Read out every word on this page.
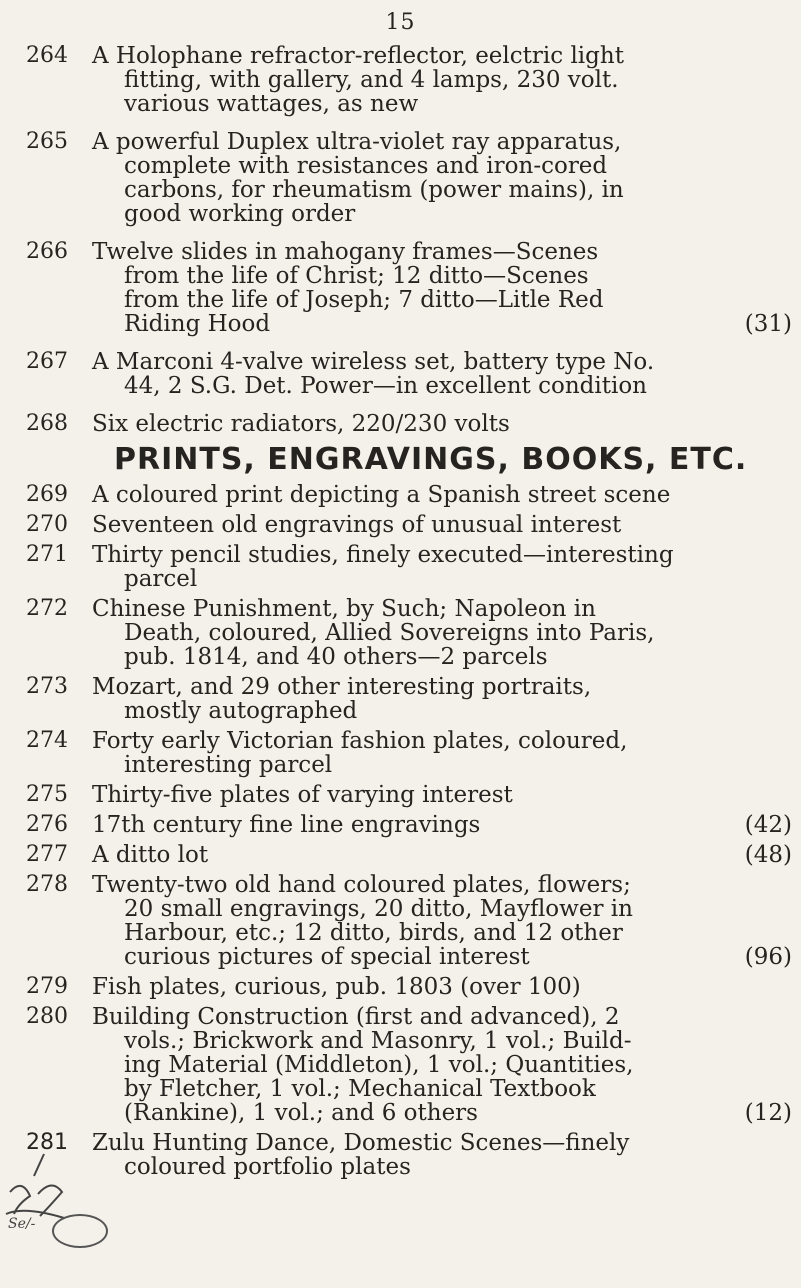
15
264	A Holophane refractor-reflector, eelctric light
fitting, with gallery, and 4 lamps, 230 volt.
various wattages, as new
265	A powerful Duplex ultra-violet ray apparatus,
complete with resistances and iron-cored
carbons, for rheumatism (power mains), in
good working order
266	Twelve slides in mahogany frames—Scenes
from the life of Christ; 12 ditto—Scenes
from the life of Joseph; 7 ditto—Litle Red
Riding Hood	(31)
267	A Marconi 4-valve wireless set, battery type No.
44, 2 S.G. Det. Power—in excellent condition
268	Six electric radiators, 220/230 volts
PRINTS, ENGRAVINGS, BOOKS, ETC.
269	A coloured print depicting a Spanish street scene
270	Seventeen old engravings of unusual interest
271	Thirty pencil studies, finely executed—interesting
parcel
272	Chinese Punishment, by Such; Napoleon in
Death, coloured, Allied Sovereigns into Paris,
pub. 1814, and 40 others—2 parcels
273	Mozart, and 29 other interesting portraits,
mostly autographed
274	Forty early Victorian fashion plates, coloured,
interesting parcel
275	Thirty-five plates of varying interest
276	17th century fine line engravings	(42)
277	A ditto lot	(48)
278	Twenty-two old hand coloured plates, flowers;
20 small engravings, 20 ditto, Mayflower in
Harbour, etc.; 12 ditto, birds, and 12 other
curious pictures of special interest	(96)
279	Fish plates, curious, pub. 1803 (over 100)
280	Building Construction (first and advanced), 2
vols.; Brickwork and Masonry, 1 vol.; Build-
ing Material (Middleton), 1 vol.; Quantities,
by Fletcher, 1 vol.; Mechanical Textbook
(Rankine), 1 vol.; and 6 others	(12)
281	Zulu Hunting Dance, Domestic Scenes—finely
coloured portfolio plates
Se/-
